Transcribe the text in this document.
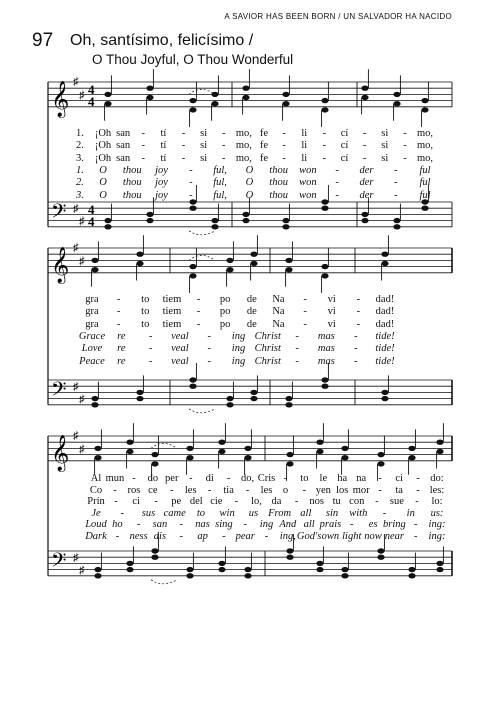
A SAVIOR HAS BEEN BORN / UN SALVADOR HA NACIDO
97 Oh, santísimo, felicísimo /
O Thou Joyful, O Thou Wonderful
𝄞
𝄢
♯
♯
♯
♯
4
4
4
4
1. ¡Oh san - tí - si - mo, fe - li - cí - si - mo,
2. ¡Oh san - tí - si - mo, fe - li - cí - si - mo,
3. ¡Oh san - tí - si - mo, fe - li - cí - si - mo,
1. O thou joy - ful, O thou won - der - ful
2. O thou joy - ful, O thou won - der - ful
3. O thou joy - ful, O thou won - der - ful
𝄞
𝄢
♯
♯
♯
♯
gra - to tiem - po de Na - vi - dad!
gra - to tiem - po de Na - vi - dad!
gra - to tiem - po de Na - vi - dad!
Grace re - veal - ing Christ - mas - tide!
Love re - veal - ing Christ - mas - tide!
Peace re - veal - ing Christ - mas - tide!
𝄞
𝄢
♯
♯
♯
♯
Al mun - do per - di - do, Cris - to le ha na - ci - do:
Co - ros ce - les - tia - les o - yen los mor - ta - les:
Prín - ci - pe del cie - lo, da - nos tu con - sue - lo:
Je - sus came to win us From all sin with - in us:
Loud ho - san - nas sing - ing And all prais - es bring - ing:
Dark - ness dis - ap - pear - ing, God's own light now near - ing:
